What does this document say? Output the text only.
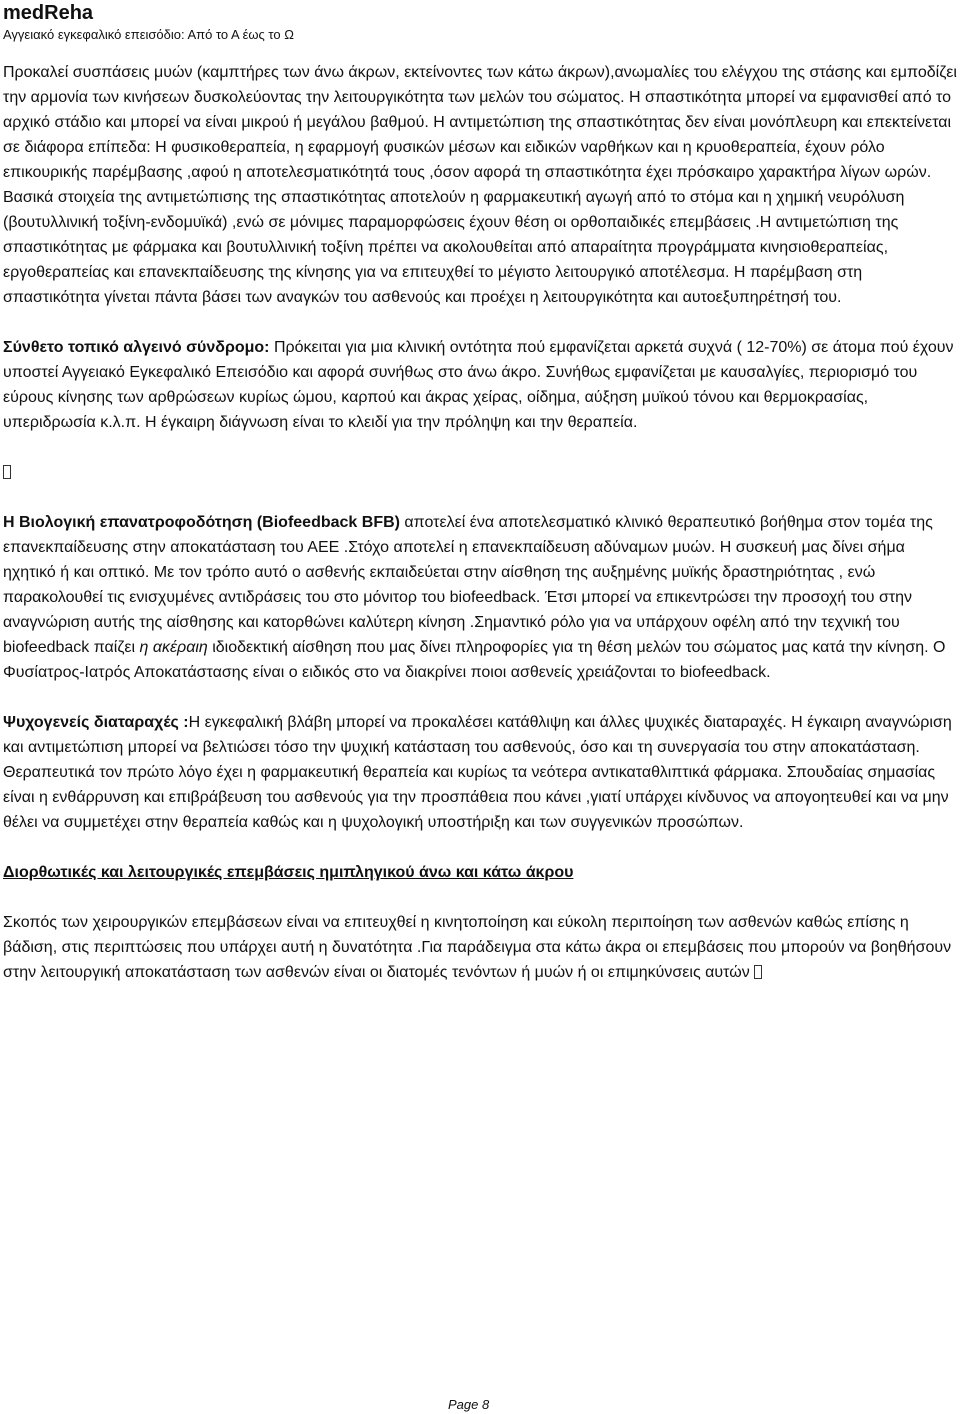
medReha
Αγγειακό εγκεφαλικό επεισόδιο: Από το Α έως το Ω

Προκαλεί συσπάσεις μυών (καμπτήρες των άνω άκρων, εκτείνοντες των κάτω άκρων),ανωμαλίες του ελέγχου της στάσης και εμποδίζει την αρμονία των κινήσεων δυσκολεύοντας την λειτουργικότητα των μελών του σώματος. Η σπαστικότητα μπορεί να εμφανισθεί από το αρχικό στάδιο και μπορεί να είναι μικρού ή μεγάλου βαθμού. Η αντιμετώπιση της σπαστικότητας δεν είναι μονόπλευρη και επεκτείνεται σε διάφορα επίπεδα: Η φυσικοθεραπεία, η εφαρμογή φυσικών μέσων και ειδικών ναρθήκων και η κρυοθεραπεία, έχουν ρόλο επικουρικής παρέμβασης ,αφού η αποτελεσματικότητά τους ,όσον αφορά τη σπαστικότητα έχει πρόσκαιρο χαρακτήρα λίγων ωρών. Βασικά στοιχεία της αντιμετώπισης της σπαστικότητας αποτελούν η φαρμακευτική αγωγή από το στόμα και η χημική νευρόλυση (βουτυλλινική τοξίνη-ενδομυϊκά) ,ενώ σε μόνιμες παραμορφώσεις έχουν θέση οι ορθοπαιδικές επεμβάσεις .Η αντιμετώπιση της σπαστικότητας με φάρμακα και βουτυλλινική τοξίνη πρέπει να ακολουθείται από απαραίτητα προγράμματα κινησιοθεραπείας, εργοθεραπείας και επανεκπαίδευσης της κίνησης για να επιτευχθεί το μέγιστο λειτουργικό αποτέλεσμα. Η παρέμβαση στη σπαστικότητα γίνεται πάντα βάσει των αναγκών του ασθενούς και προέχει η λειτουργικότητα και αυτοεξυπηρέτησή του.

Σύνθετο τοπικό αλγεινό σύνδρομο: Πρόκειται για μια κλινική οντότητα πού εμφανίζεται αρκετά συχνά ( 12-70%) σε άτομα πού έχουν υποστεί Αγγειακό Εγκεφαλικό Επεισόδιο και αφορά συνήθως στο άνω άκρο. Συνήθως εμφανίζεται με καυσαλγίες, περιορισμό του εύρους κίνησης των αρθρώσεων κυρίως ώμου, καρπού και άκρας χείρας, οίδημα, αύξηση μυϊκού τόνου και θερμοκρασίας, υπεριδρωσία κ.λ.π. Η έγκαιρη διάγνωση είναι το κλειδί για την πρόληψη και την θεραπεία.

Η Βιολογική επανατροφοδότηση (Biofeedback BFB) αποτελεί ένα αποτελεσματικό κλινικό θεραπευτικό βοήθημα στον τομέα της επανεκπαίδευσης στην αποκατάσταση του ΑΕΕ .Στόχο αποτελεί η επανεκπαίδευση αδύναμων μυών. Η συσκευή μας δίνει σήμα ηχητικό ή και οπτικό. Με τον τρόπο αυτό ο ασθενής εκπαιδεύεται στην αίσθηση της αυξημένης μυϊκής δραστηριότητας , ενώ παρακολουθεί τις ενισχυμένες αντιδράσεις του στο μόνιτορ του biofeedback. Έτσι μπορεί να επικεντρώσει την προσοχή του στην αναγνώριση αυτής της αίσθησης και κατορθώνει καλύτερη κίνηση .Σημαντικό ρόλο για να υπάρχουν οφέλη από την τεχνική του biofeedback παίζει η ακέραιη ιδιοδεκτική αίσθηση που μας δίνει πληροφορίες για τη θέση μελών του σώματος μας κατά την κίνηση. Ο Φυσίατρος-Ιατρός Αποκατάστασης είναι ο ειδικός στο να διακρίνει ποιοι ασθενείς χρειάζονται το biofeedback.

Ψυχογενείς διαταραχές :Η εγκεφαλική βλάβη μπορεί να προκαλέσει κατάθλιψη και άλλες ψυχικές διαταραχές. Η έγκαιρη αναγνώριση και αντιμετώπιση μπορεί να βελτιώσει τόσο την ψυχική κατάσταση του ασθενούς, όσο και τη συνεργασία του στην αποκατάσταση. Θεραπευτικά τον πρώτο λόγο έχει η φαρμακευτική θεραπεία και κυρίως τα νεότερα αντικαταθλιπτικά φάρμακα. Σπουδαίας σημασίας είναι η ενθάρρυνση και επιβράβευση του ασθενούς για την προσπάθεια που κάνει ,γιατί υπάρχει κίνδυνος να απογοητευθεί και να μην θέλει να συμμετέχει στην θεραπεία καθώς και η ψυχολογική υποστήριξη και των συγγενικών προσώπων.

Διορθωτικές και λειτουργικές επεμβάσεις ημιπληγικού άνω και κάτω άκρου

Σκοπός των χειρουργικών επεμβάσεων είναι να επιτευχθεί η κινητοποίηση και εύκολη περιποίηση των ασθενών καθώς επίσης η βάδιση, στις περιπτώσεις που υπάρχει αυτή η δυνατότητα .Για παράδειγμα στα κάτω άκρα οι επεμβάσεις που μπορούν να βοηθήσουν στην λειτουργική αποκατάσταση των ασθενών είναι οι διατομές τενόντων ή μυών ή οι επιμηκύνσεις αυτών

Page 8
